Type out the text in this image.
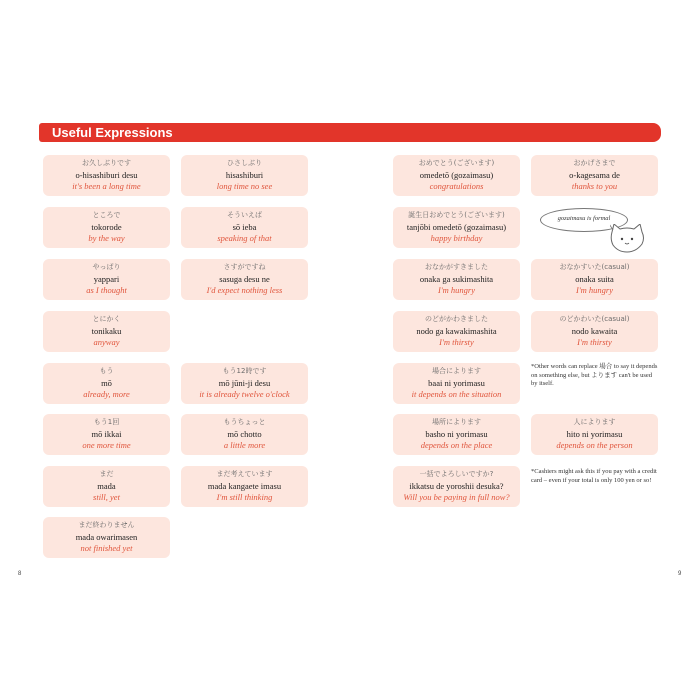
Useful Expressions
お久しぶりです
o-hisashiburi desu
it's been a long time
ところで
tokorode
by the way
やっぱり
yappari
as I thought
とにかく
tonikaku
anyway
もう
mō
already, more
もう1回
mō ikkai
one more time
まだ
mada
still, yet
まだ終わりません
mada owarimasen
not finished yet
ひさしぶり
hisashiburi
long time no see
そういえば
sō ieba
speaking of that
さすがですね
sasuga desu ne
I'd expect nothing less
もう12時です
mō jūni-ji desu
it is already twelve o'clock
もうちょっと
mō chotto
a little more
まだ考えています
mada kangaete imasu
I'm still thinking
おめでとう(ございます)
omedetō (gozaimasu)
congratulations
誕生日おめでとう(ございます)
tanjōbi omedetō (gozaimasu)
happy birthday
おなかがすきました
onaka ga sukimashita
I'm hungry
のどがかわきました
nodo ga kawakimashita
I'm thirsty
場合によります
baai ni yorimasu
it depends on the situation
場所によります
basho ni yorimasu
depends on the place
一括でよろしいですか?
ikkatsu de yoroshii desuka?
Will you be paying in full now?
おかげさまで
o-kagesama de
thanks to you
おなかすいた(casual)
onaka suita
I'm hungry
のどかわいた(casual)
nodo kawaita
I'm thirsty
人によります
hito ni yorimasu
depends on the person
gozaimasu is formal
*Other words can replace 場合 to say it depends on something else, but よります can't be used by itself.
*Cashiers might ask this if you pay with a credit card – even if your total is only 100 yen or so!
8	9
